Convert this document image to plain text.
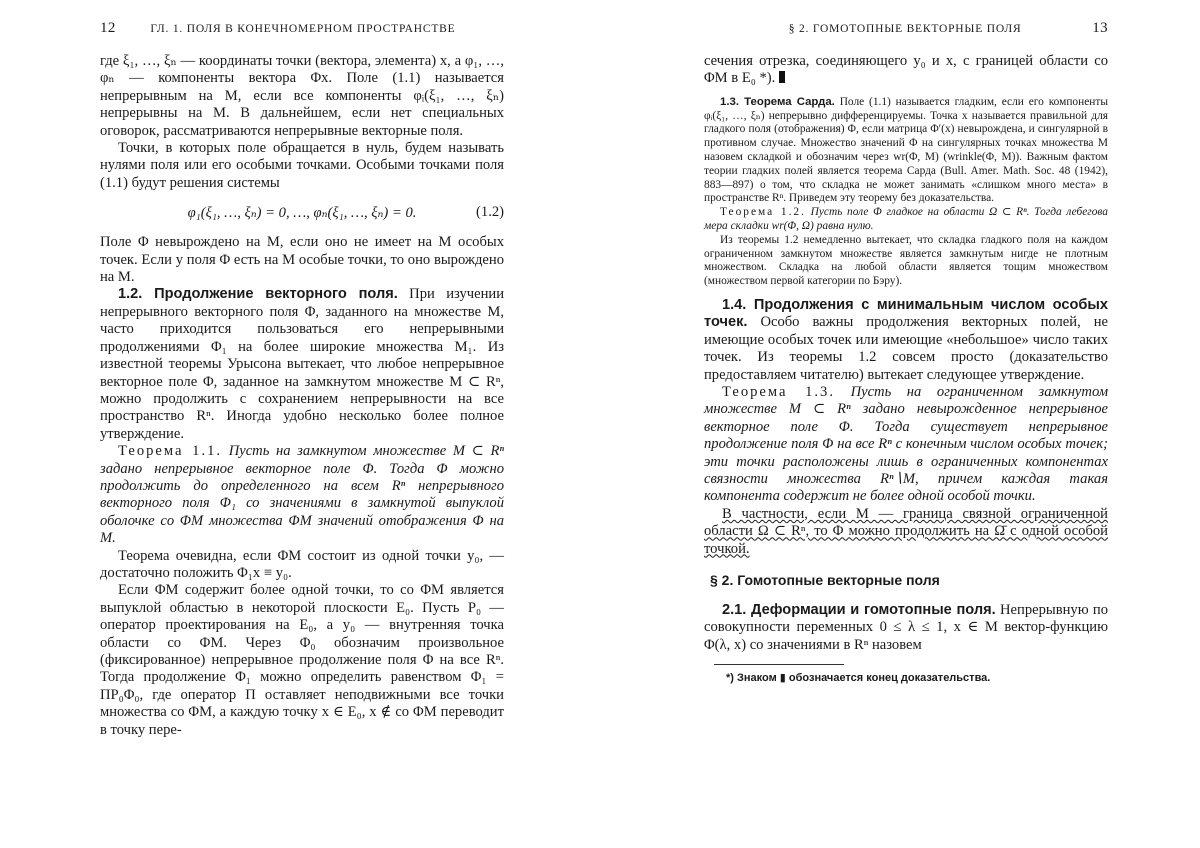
12	ГЛ. 1. ПОЛЯ В КОНЕЧНОМЕРНОМ ПРОСТРАНСТВЕ

где ξ₁, …, ξₙ — координаты точки (вектора, элемента) x, а φ₁, …, φₙ — компоненты вектора Φx. Поле (1.1) называется непрерывным на M, если все компоненты φᵢ(ξ₁, …, ξₙ) непрерывны на M. В дальнейшем, если нет специальных оговорок, рассматриваются непрерывные векторные поля.

Точки, в которых поле обращается в нуль, будем называть нулями поля или его особыми точками. Особыми точками поля (1.1) будут решения системы

φ₁(ξ₁, …, ξₙ) = 0, …, φₙ(ξ₁, …, ξₙ) = 0.	(1.2)

Поле Φ невырождено на M, если оно не имеет на M особых точек. Если у поля Φ есть на M особые точки, то оно вырождено на M.

1.2. Продолжение векторного поля. При изучении непрерывного векторного поля Φ, заданного на множестве M, часто приходится пользоваться его непрерывными продолжениями Φ₁ на более широкие множества M₁. Из известной теоремы Урысона вытекает, что любое непрерывное векторное поле Φ, заданное на замкнутом множестве M ⊂ Rⁿ, можно продолжить с сохранением непрерывности на все пространство Rⁿ. Иногда удобно несколько более полное утверждение.

Теорема 1.1. Пусть на замкнутом множестве M ⊂ Rⁿ задано непрерывное векторное поле Φ. Тогда Φ можно продолжить до определенного на всем Rⁿ непрерывного векторного поля Φ₁ со значениями в замкнутой выпуклой оболочке co ΦM множества ΦM значений отображения Φ на M.

Теорема очевидна, если ΦM состоит из одной точки y₀, — достаточно положить Φ₁x ≡ y₀.

Если ΦM содержит более одной точки, то co ΦM является выпуклой областью в некоторой плоскости E₀. Пусть P₀ — оператор проектирования на E₀, а y₀ — внутренняя точка области co ΦM. Через Φ₀ обозначим произвольное (фиксированное) непрерывное продолжение поля Φ на все Rⁿ. Тогда продолжение Φ₁ можно определить равенством Φ₁ = ΠP₀Φ₀, где оператор Π оставляет неподвижными все точки множества co ΦM, а каждую точку x ∈ E₀, x ∉ co ΦM переводит в точку пере-

§ 2. ГОМОТОПНЫЕ ВЕКТОРНЫЕ ПОЛЯ	13

сечения отрезка, соединяющего y₀ и x, с границей области co ΦM в E₀ *).

1.3. Теорема Сарда. Поле (1.1) называется гладким, если его компоненты φᵢ(ξ₁, …, ξₙ) непрерывно дифференцируемы. Точка x называется правильной для гладкого поля (отображения) Φ, если матрица Φ′(x) невырождена, и сингулярной в противном случае. Множество значений Φ на сингулярных точках множества M назовем складкой и обозначим через wr(Φ, M) (wrinkle(Φ, M)). Важным фактом теории гладких полей является теорема Сарда (Bull. Amer. Math. Soc. 48 (1942), 883—897) о том, что складка не может занимать «слишком много места» в пространстве Rⁿ. Приведем эту теорему без доказательства.

Теорема 1.2. Пусть поле Φ гладкое на области Ω ⊂ Rⁿ. Тогда лебегова мера складки wr(Φ, Ω) равна нулю.

Из теоремы 1.2 немедленно вытекает, что складка гладкого поля на каждом ограниченном замкнутом множестве является замкнутым нигде не плотным множеством. Складка на любой области является тощим множеством (множеством первой категории по Бэру).

1.4. Продолжения с минимальным числом особых точек. Особо важны продолжения векторных полей, не имеющие особых точек или имеющие «небольшое» число таких точек. Из теоремы 1.2 совсем просто (доказательство предоставляем читателю) вытекает следующее утверждение.

Теорема 1.3. Пусть на ограниченном замкнутом множестве M ⊂ Rⁿ задано невырожденное непрерывное векторное поле Φ. Тогда существует непрерывное продолжение поля Φ на все Rⁿ с конечным числом особых точек; эти точки расположены лишь в ограниченных компонентах связности множества Rⁿ∖M, причем каждая такая компонента содержит не более одной особой точки.

В частности, если M — граница связной ограниченной области Ω ⊂ Rⁿ, то Φ можно продолжить на Ω̄ с одной особой точкой.

§ 2. Гомотопные векторные поля

2.1. Деформации и гомотопные поля. Непрерывную по совокупности переменных 0 ≤ λ ≤ 1, x ∈ M вектор-функцию Φ(λ, x) со значениями в Rⁿ назовем

*) Знаком ▮ обозначается конец доказательства.
